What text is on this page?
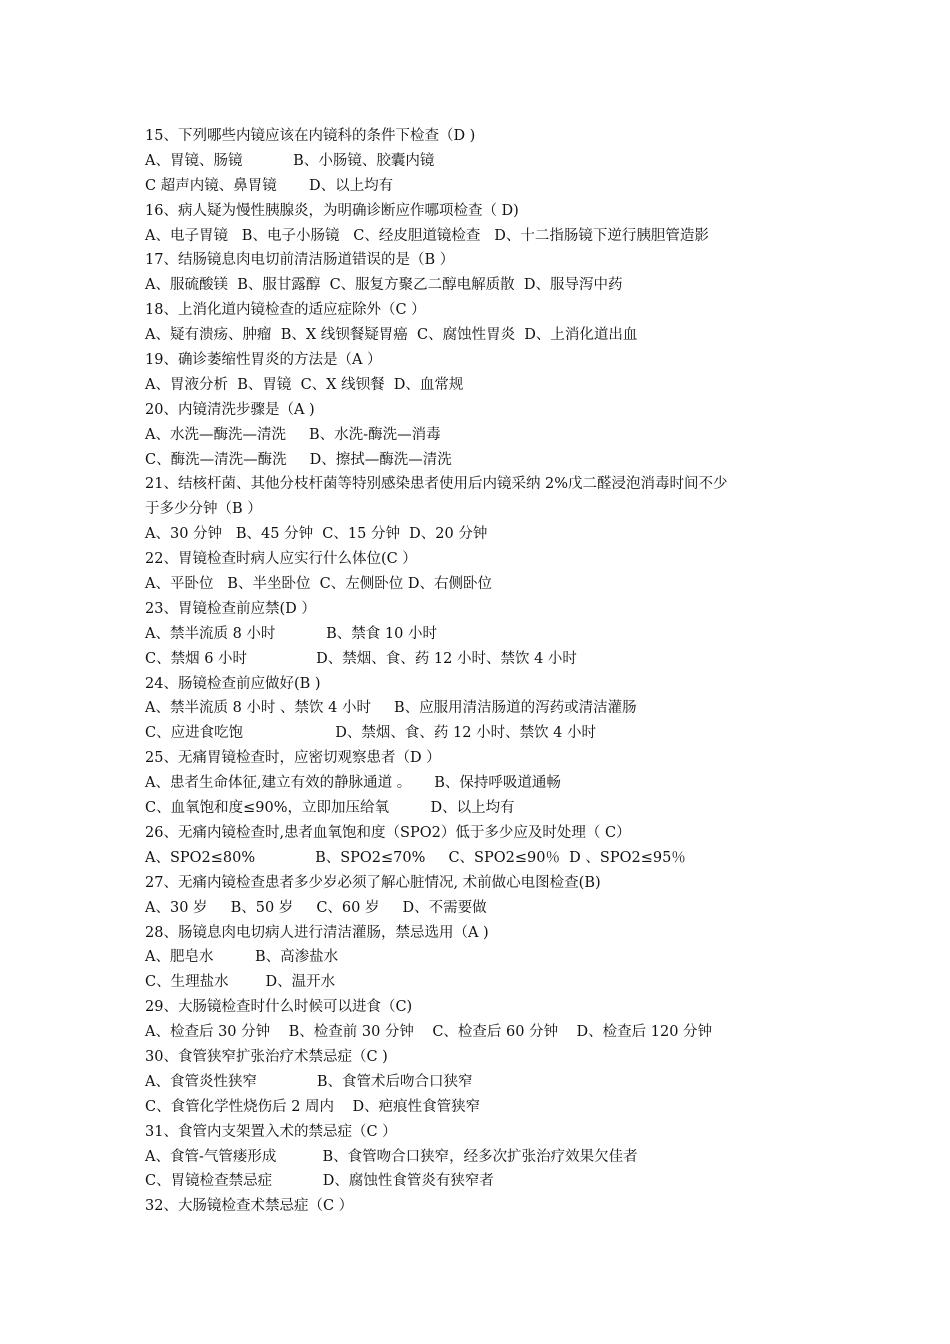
15、下列哪些内镜应该在内镜科的条件下检查（D )
A、胃镜、肠镜           B、小肠镜、胶囊内镜
C 超声内镜、鼻胃镜       D、以上均有
16、病人疑为慢性胰腺炎，为明确诊断应作哪项检查（ D)
A、电子胃镜   B、电子小肠镜   C、经皮胆道镜检查   D、十二指肠镜下逆行胰胆管造影
17、结肠镜息肉电切前清洁肠道错误的是（B ）
A、服硫酸镁  B、服甘露醇  C、服复方聚乙二醇电解质散  D、服导泻中药
18、上消化道内镜检查的适应症除外（C ）
A、疑有溃疡、肿瘤  B、X 线钡餐疑胃癌  C、腐蚀性胃炎  D、上消化道出血
19、确诊萎缩性胃炎的方法是（A ）
A、胃液分析  B、胃镜  C、X 线钡餐  D、血常规
20、内镜清洗步骤是（A )
A、水洗—酶洗—清洗     B、水洗-酶洗—消毒
C、酶洗—清洗—酶洗     D、擦拭—酶洗—清洗
21、结核杆菌、其他分枝杆菌等特别感染患者使用后内镜采纳 2%戊二醛浸泡消毒时间不少
于多少分钟（B ）
A、30 分钟   B、45 分钟  C、15 分钟  D、20 分钟
22、胃镜检查时病人应实行什么体位(C ）
A、平卧位   B、半坐卧位  C、左侧卧位 D、右侧卧位
23、胃镜检查前应禁(D ）
A、禁半流质 8 小时           B、禁食 10 小时
C、禁烟 6 小时               D、禁烟、食、药 12 小时、禁饮 4 小时
24、肠镜检查前应做好(B )
A、禁半流质 8 小时 、禁饮 4 小时     B、应服用清洁肠道的泻药或清洁灌肠
C、应进食吃饱                    D、禁烟、食、药 12 小时、禁饮 4 小时
25、无痛胃镜检查时，应密切观察患者（D ）
A、患者生命体征,建立有效的静脉通道 。     B、保持呼吸道通畅
C、血氧饱和度≤90%，立即加压给氧         D、以上均有
26、无痛内镜检查时,患者血氧饱和度（SPO2）低于多少应及时处理（ C）
A、SPO2≤80%             B、SPO2≤70%     C、SPO2≤90％  D 、SPO2≤95％
27、无痛内镜检查患者多少岁必须了解心脏情况, 术前做心电图检查(B)
A、30 岁     B、50 岁     C、60 岁     D、不需要做
28、肠镜息肉电切病人进行清洁灌肠，禁忌选用（A )
A、肥皂水         B、高渗盐水
C、生理盐水        D、温开水
29、大肠镜检查时什么时候可以进食（C)
A、检查后 30 分钟    B、检查前 30 分钟    C、检查后 60 分钟    D、检查后 120 分钟
30、食管狭窄扩张治疗术禁忌症（C )
A、食管炎性狭窄             B、食管术后吻合口狭窄
C、食管化学性烧伤后 2 周内    D、疤痕性食管狭窄
31、食管内支架置入术的禁忌症（C ）
A、食管-气管瘘形成          B、食管吻合口狭窄，经多次扩张治疗效果欠佳者
C、胃镜检查禁忌症           D、腐蚀性食管炎有狭窄者
32、大肠镜检查术禁忌症（C ）
